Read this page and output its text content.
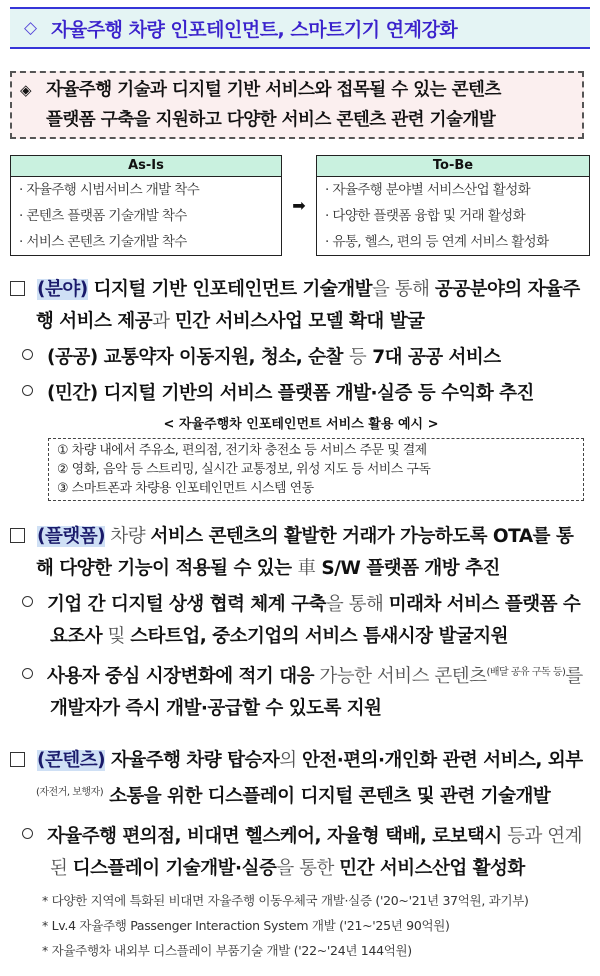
◇ 자율주행 차량 인포테인먼트, 스마트기기 연계강화
◈ 자율주행 기술과 디지털 기반 서비스와 접목될 수 있는 콘텐츠
플랫폼 구축을 지원하고 다양한 서비스 콘텐츠 관련 기술개발
As-Is
· 자율주행 시범서비스 개발 착수
· 콘텐츠 플랫폼 기술개발 착수
· 서비스 콘텐츠 기술개발 착수
➡
To-Be
· 자율주행 분야별 서비스산업 활성화
· 다양한 플랫폼 융합 및 거래 활성화
· 유통, 헬스, 편의 등 연계 서비스 활성화
(분야) 디지털 기반 인포테인먼트 기술개발을 통해 공공분야의 자율주행 서비스 제공과 민간 서비스사업 모델 확대 발굴
(공공) 교통약자 이동지원, 청소, 순찰 등 7대 공공 서비스
(민간) 디지털 기반의 서비스 플랫폼 개발·실증 등 수익화 추진
< 자율주행차 인포테인먼트 서비스 활용 예시 >
① 차량 내에서 주유소, 편의점, 전기차 충전소 등 서비스 주문 및 결제
② 영화, 음악 등 스트리밍, 실시간 교통정보, 위성 지도 등 서비스 구독
③ 스마트폰과 차량용 인포테인먼트 시스템 연동
(플랫폼) 차량 서비스 콘텐츠의 활발한 거래가 가능하도록 OTA를 통해 다양한 기능이 적용될 수 있는 車 S/W 플랫폼 개방 추진
기업 간 디지털 상생 협력 체계 구축을 통해 미래차 서비스 플랫폼 수요조사 및 스타트업, 중소기업의 서비스 틈새시장 발굴지원
사용자 중심 시장변화에 적기 대응 가능한 서비스 콘텐츠$^{(배달 공유 구독 등)}$를 개발자가 즉시 개발·공급할 수 있도록 지원
(콘텐츠) 자율주행 차량 탑승자의 안전·편의·개인화 관련 서비스, 외부$^{(자전거, 보행자)}$ 소통을 위한 디스플레이 디지털 콘텐츠 및 관련 기술개발
자율주행 편의점, 비대면 헬스케어, 자율형 택배, 로보택시 등과 연계된 디스플레이 기술개발·실증을 통한 민간 서비스산업 활성화
* 다양한 지역에 특화된 비대면 자율주행 이동우체국 개발·실증 ('20~'21년 37억원, 과기부)
* Lv.4 자율주행 Passenger Interaction System 개발 ('21~'25년 90억원)
* 자율주행차 내외부 디스플레이 부품기술 개발 ('22~'24년 144억원)
